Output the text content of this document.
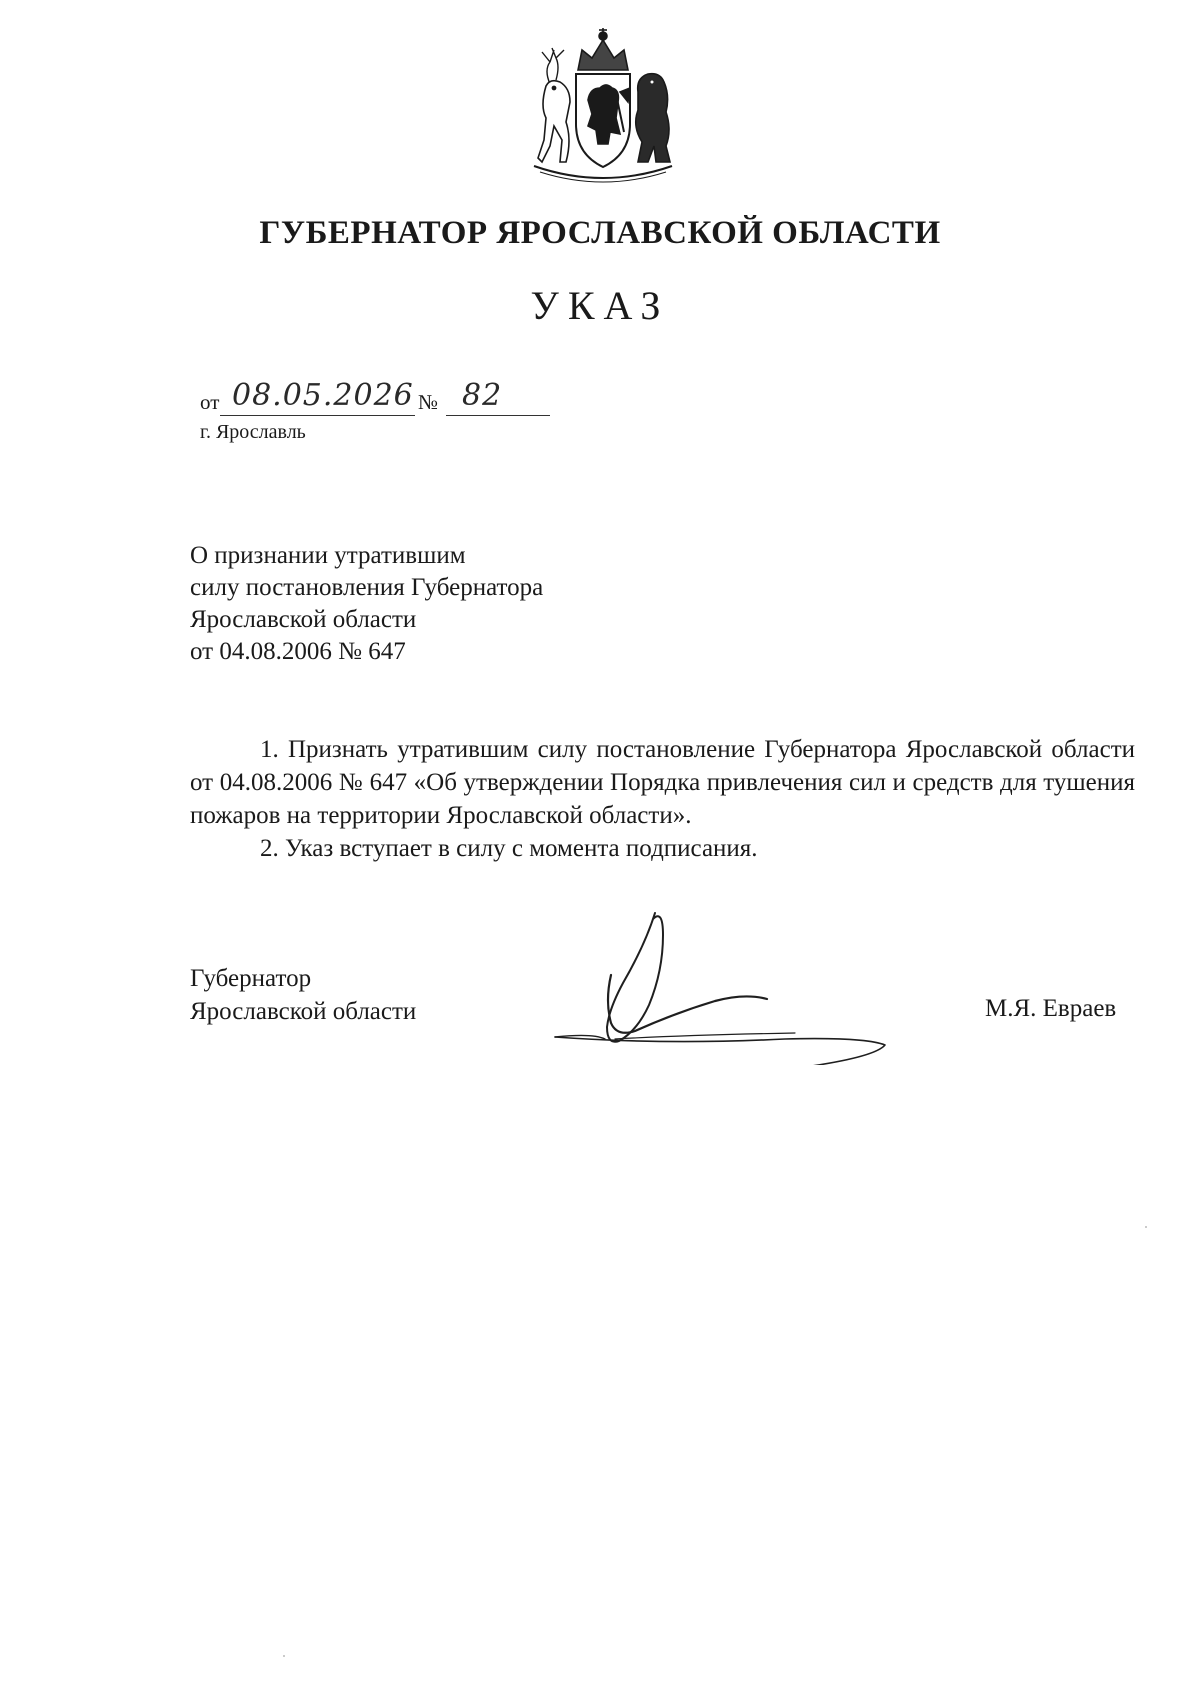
ГУБЕРНАТОР ЯРОСЛАВСКОЙ ОБЛАСТИ
УКАЗ
от 08.05.2026 № 82
г. Ярославль
О признании утратившим
силу постановления Губернатора
Ярославской области
от 04.08.2006 № 647

1. Признать утратившим силу постановление Губернатора Ярославской области от 04.08.2006 № 647 «Об утверждении Порядка привлечения сил и средств для тушения пожаров на территории Ярославской области».

2. Указ вступает в силу с момента подписания.

Губернатор
Ярославской области	М.Я. Евраев
